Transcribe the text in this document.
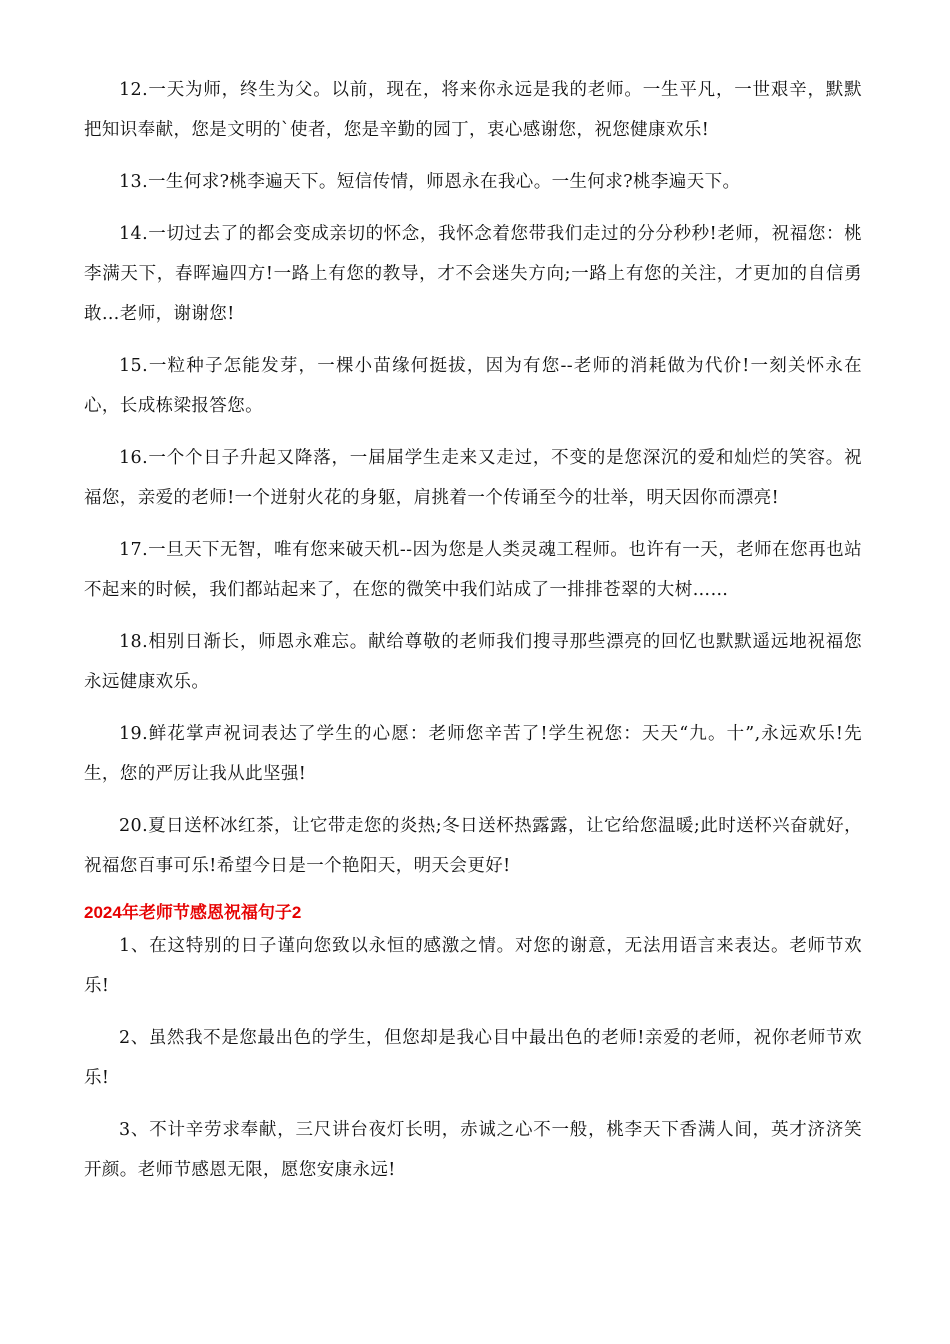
12.一天为师，终生为父。以前，现在，将来你永远是我的老师。一生平凡，一世艰辛，默默把知识奉献，您是文明的`使者，您是辛勤的园丁，衷心感谢您，祝您健康欢乐!

13.一生何求?桃李遍天下。短信传情，师恩永在我心。一生何求?桃李遍天下。

14.一切过去了的都会变成亲切的怀念，我怀念着您带我们走过的分分秒秒!老师，祝福您：桃李满天下，春晖遍四方!一路上有您的教导，才不会迷失方向;一路上有您的关注，才更加的自信勇敢…老师，谢谢您!

15.一粒种子怎能发芽，一棵小苗缘何挺拔，因为有您--老师的消耗做为代价!一刻关怀永在心，长成栋梁报答您。

16.一个个日子升起又降落，一届届学生走来又走过，不变的是您深沉的爱和灿烂的笑容。祝福您，亲爱的老师!一个迸射火花的身躯，肩挑着一个传诵至今的壮举，明天因你而漂亮!

17.一旦天下无智，唯有您来破天机--因为您是人类灵魂工程师。也许有一天，老师在您再也站不起来的时候，我们都站起来了，在您的微笑中我们站成了一排排苍翠的大树……

18.相别日渐长，师恩永难忘。献给尊敬的老师我们搜寻那些漂亮的回忆也默默遥远地祝福您永远健康欢乐。

19.鲜花掌声祝词表达了学生的心愿：老师您辛苦了!学生祝您：天天“九。十”,永远欢乐!先生，您的严厉让我从此坚强!

20.夏日送杯冰红茶，让它带走您的炎热;冬日送杯热露露，让它给您温暖;此时送杯兴奋就好，祝福您百事可乐!希望今日是一个艳阳天，明天会更好!

2024年老师节感恩祝福句子2

1、在这特别的日子谨向您致以永恒的感激之情。对您的谢意，无法用语言来表达。老师节欢乐!

2、虽然我不是您最出色的学生，但您却是我心目中最出色的老师!亲爱的老师，祝你老师节欢乐!

3、不计辛劳求奉献，三尺讲台夜灯长明，赤诚之心不一般，桃李天下香满人间，英才济济笑开颜。老师节感恩无限，愿您安康永远!
